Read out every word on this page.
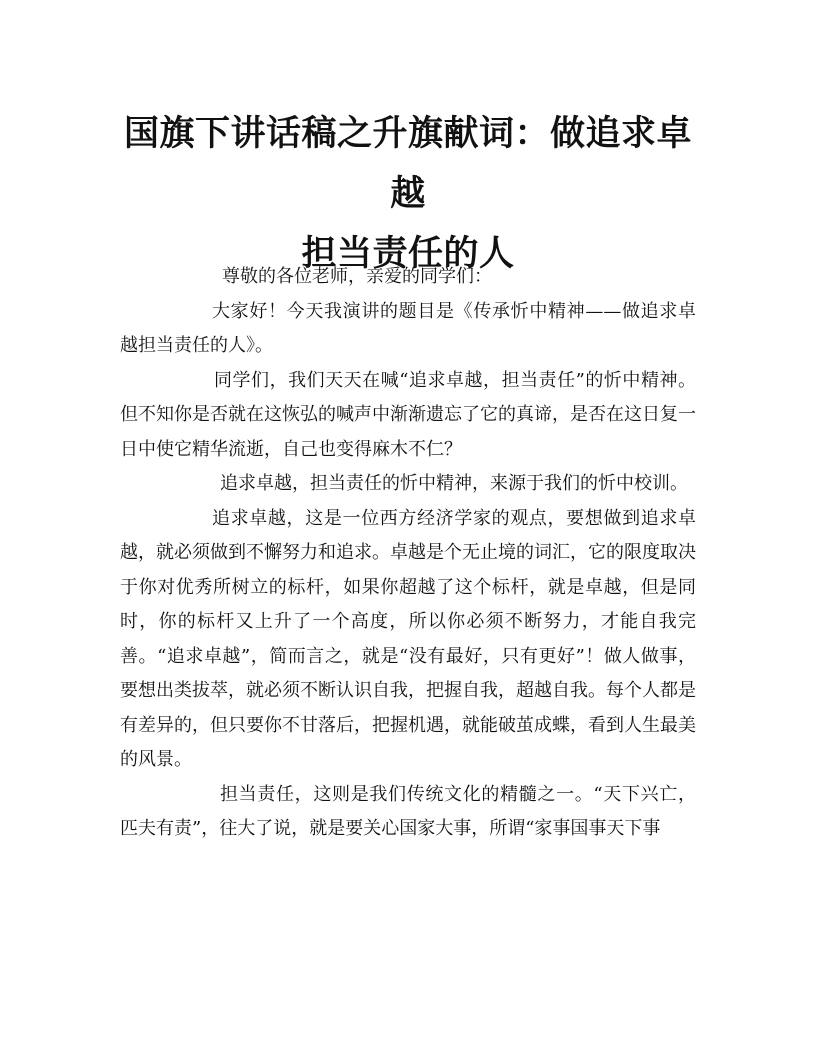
国旗下讲话稿之升旗献词：做追求卓越
担当责任的人

尊敬的各位老师，亲爱的同学们：

大家好！今天我演讲的题目是《传承忻中精神——做追求卓越担当责任的人》。

同学们，我们天天在喊“追求卓越，担当责任”的忻中精神。但不知你是否就在这恢弘的喊声中渐渐遗忘了它的真谛，是否在这日复一日中使它精华流逝，自己也变得麻木不仁？

追求卓越，担当责任的忻中精神，来源于我们的忻中校训。

追求卓越，这是一位西方经济学家的观点，要想做到追求卓越，就必须做到不懈努力和追求。卓越是个无止境的词汇，它的限度取决于你对优秀所树立的标杆，如果你超越了这个标杆，就是卓越，但是同时，你的标杆又上升了一个高度，所以你必须不断努力，才能自我完善。“追求卓越”，简而言之，就是“没有最好，只有更好”！做人做事，要想出类拔萃，就必须不断认识自我，把握自我，超越自我。每个人都是有差异的，但只要你不甘落后，把握机遇，就能破茧成蝶，看到人生最美的风景。

担当责任，这则是我们传统文化的精髓之一。“天下兴亡，匹夫有责”，往大了说，就是要关心国家大事，所谓“家事国事天下事
